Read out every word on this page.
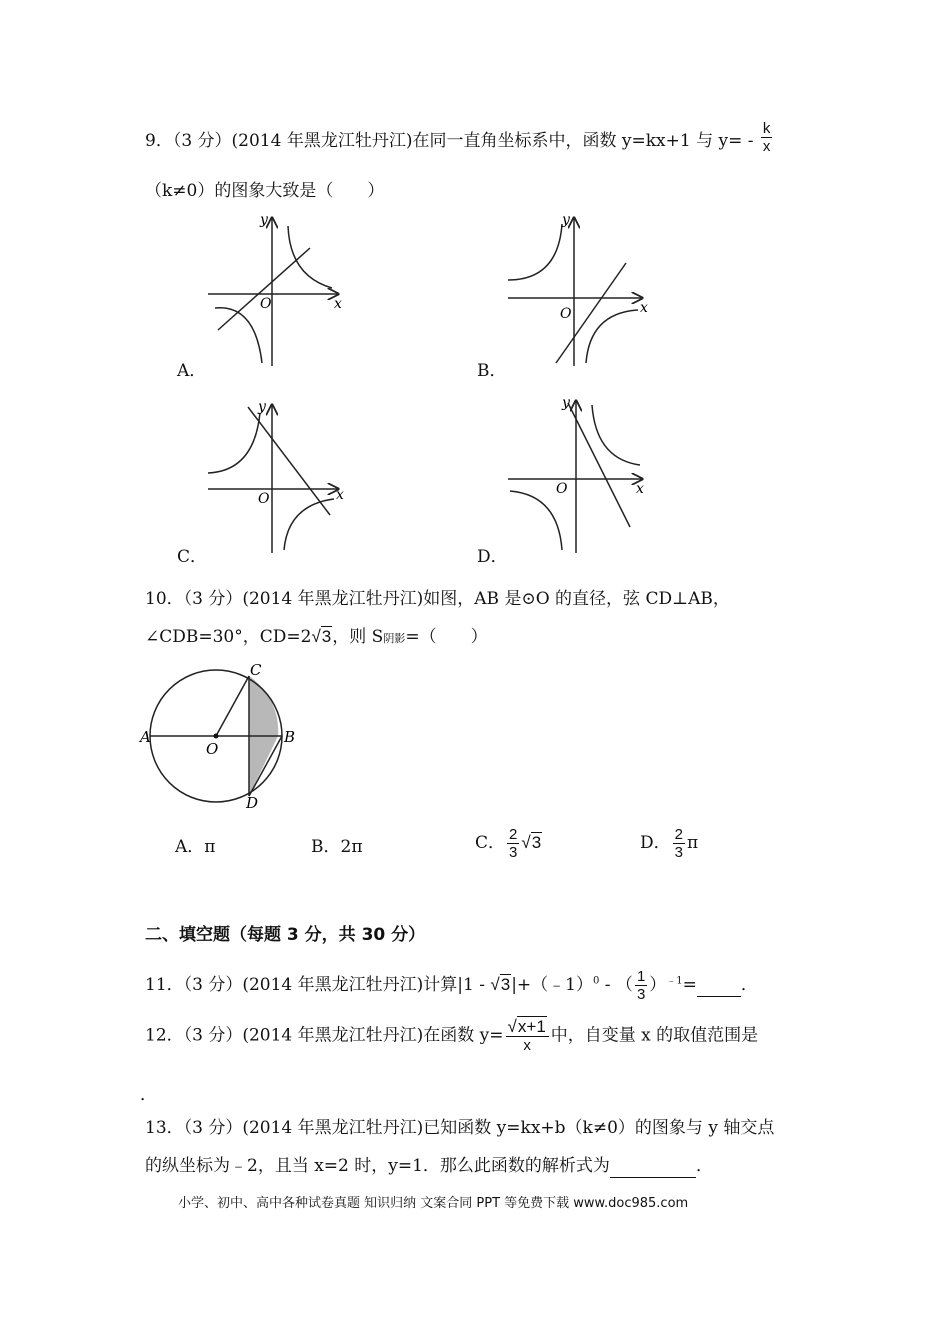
9．（3 分）(2014 年黑龙江牡丹江)在同一直角坐标系中，函数 y=kx+1 与 $y= - \frac{k}{x}$
（k≠0）的图象大致是（　　）
O	x
y
A．
O	x
y
B．
O	x
y
C．
O	x
y
D．
10．（3 分）(2014 年黑龙江牡丹江)如图，AB 是⊙O 的直径，弦 CD⊥AB，
∠CDB=30°，CD=2√3，则 S阴影=（　　）
A	B
C
D
O
A．π	B．2π	C． $\frac{2}{3} √3$	D． $\frac{2}{3}$ π
二、填空题（每题 3 分，共 30 分）
11．（3 分）(2014 年黑龙江牡丹江)计算|1 - √3|+（﹣1）$^0$ - （ $\frac{1}{3} )^{﹣1}=$	．
12．（3 分）(2014 年黑龙江牡丹江)在函数 $y= \frac{√x+1}{x}$ 中，自变量 x 的取值范围是
．
13．（3 分）(2014 年黑龙江牡丹江)已知函数 y=kx+b（k≠0）的图象与 y 轴交点
的纵坐标为﹣2，且当 x=2 时，y=1．那么此函数的解析式为	．
小学、初中、高中各种试卷真题 知识归纳 文案合同 PPT 等免费下载 www.doc985.com
